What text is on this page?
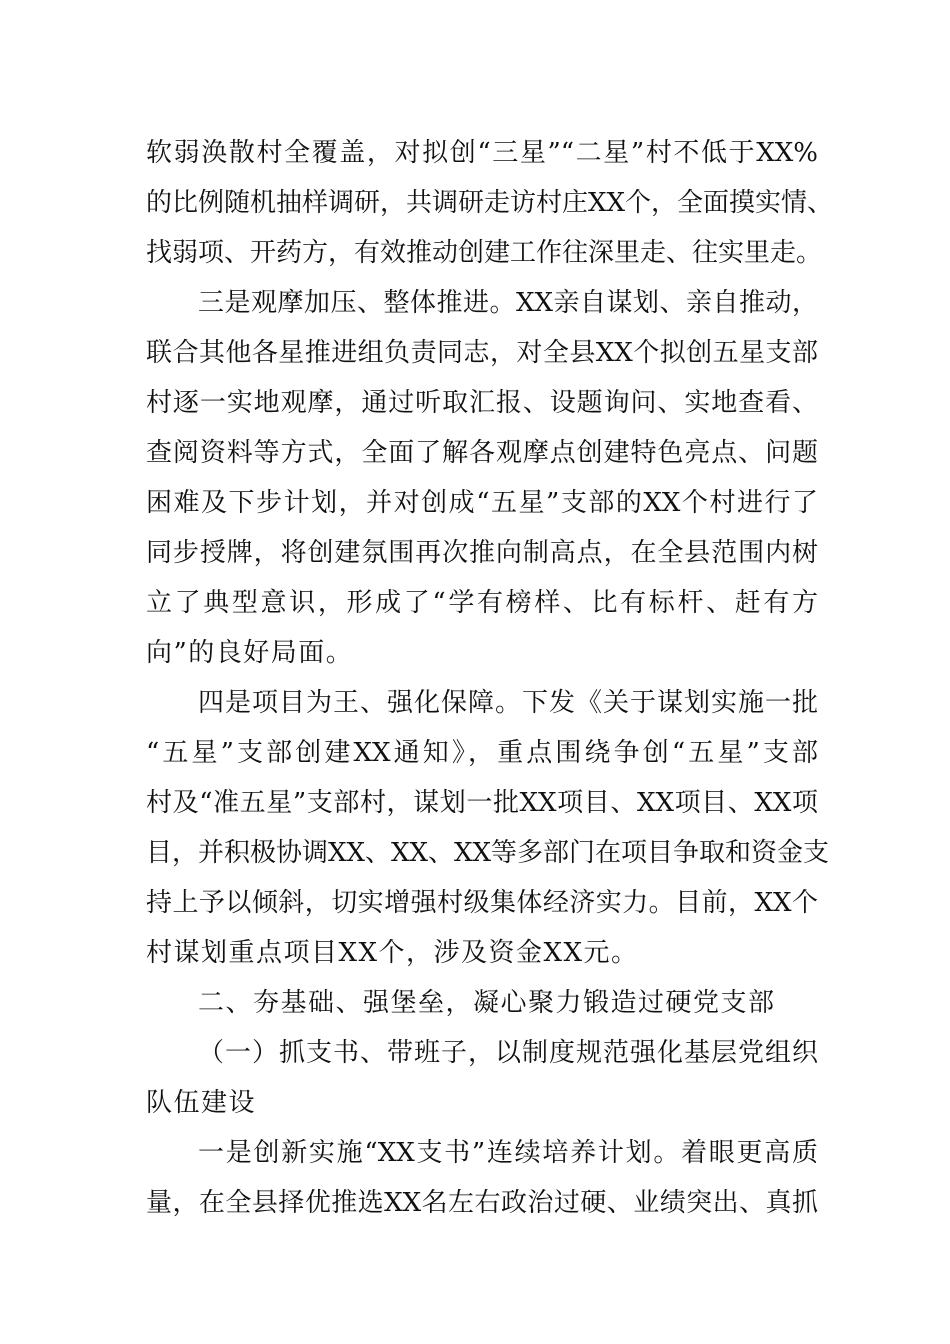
软弱涣散村全覆盖，对拟创“三星”“二星”村不低于XX%
的比例随机抽样调研，共调研走访村庄XX个，全面摸实情、
找弱项、开药方，有效推动创建工作往深里走、往实里走。
三是观摩加压、整体推进。XX亲自谋划、亲自推动，
联合其他各星推进组负责同志，对全县XX个拟创五星支部
村逐一实地观摩，通过听取汇报、设题询问、实地查看、
查阅资料等方式，全面了解各观摩点创建特色亮点、问题
困难及下步计划，并对创成“五星”支部的XX个村进行了
同步授牌，将创建氛围再次推向制高点，在全县范围内树
立了典型意识，形成了“学有榜样、比有标杆、赶有方
向”的良好局面。
四是项目为王、强化保障。下发《关于谋划实施一批
“五星”支部创建XX通知》，重点围绕争创“五星”支部
村及“准五星”支部村，谋划一批XX项目、XX项目、XX项
目，并积极协调XX、XX、XX等多部门在项目争取和资金支
持上予以倾斜，切实增强村级集体经济实力。目前，XX个
村谋划重点项目XX个，涉及资金XX元。
二、夯基础、强堡垒，凝心聚力锻造过硬党支部
（一）抓支书、带班子，以制度规范强化基层党组织
队伍建设
一是创新实施“XX支书”连续培养计划。着眼更高质
量，在全县择优推选XX名左右政治过硬、业绩突出、真抓
